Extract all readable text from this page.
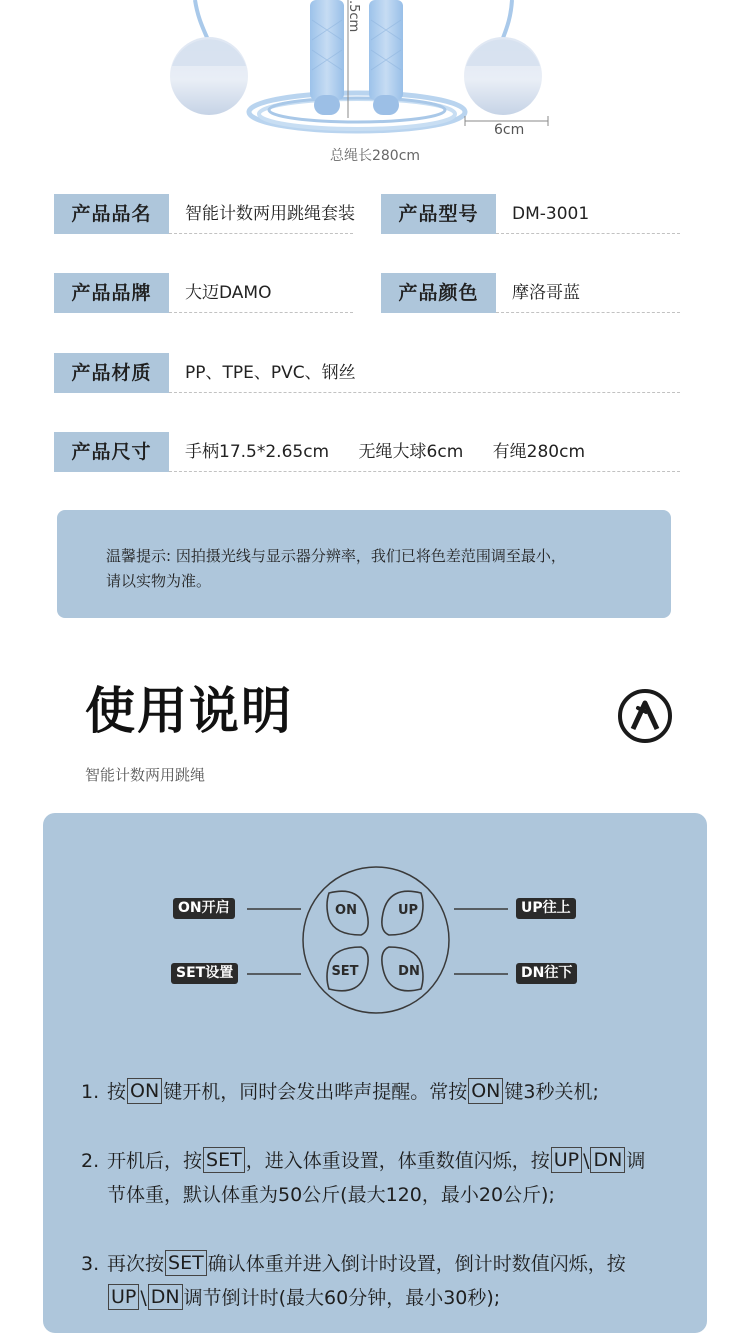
.5cm
6cm
总绳长280cm
产品品名	智能计数两用跳绳套装	产品型号	DM-3001
产品品牌	大迈DAMO	产品颜色	摩洛哥蓝
产品材质	PP、TPE、PVC、钢丝
产品尺寸	手柄17.5*2.65cm 无绳大球6cm 有绳280cm
温馨提示: 因拍摄光线与显示器分辨率，我们已将色差范围调至最小，
请以实物为准。
使用说明
智能计数两用跳绳
ON	UP
SET	DN
ON开启	UP往上
SET设置	DN往下
1. 按 ON 键开机，同时会发出哔声提醒。常按 ON 键3秒关机;
2. 开机后，按 SET ，进入体重设置，体重数值闪烁，按 UP \ DN 调
节体重，默认体重为50公斤(最大120，最小20公斤);
3. 再次按 SET 确认体重并进入倒计时设置，倒计时数值闪烁，按
UP \ DN 调节倒计时(最大60分钟，最小30秒);
